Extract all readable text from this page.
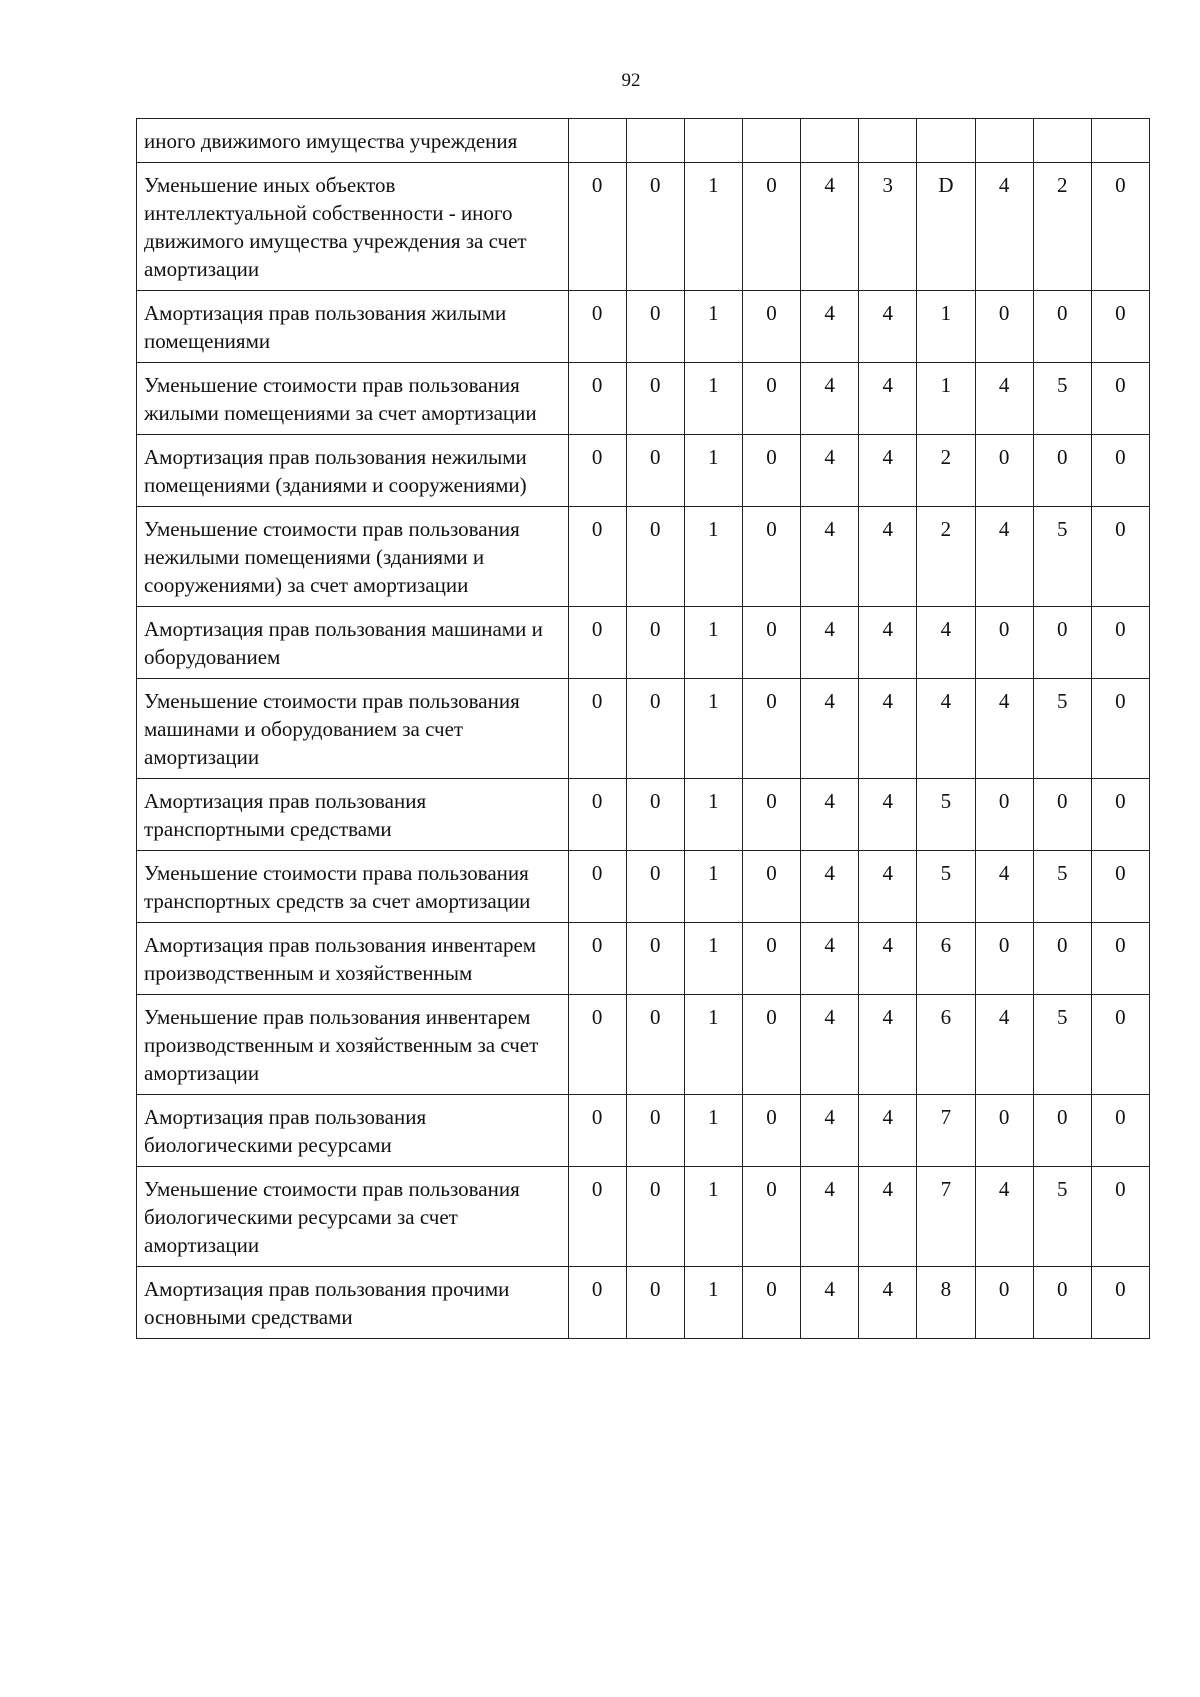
92
иного движимого имущества учреждения										
Уменьшение иных объектов интеллектуальной собственности - иного движимого имущества учреждения за счет амортизации	0	0	1	0	4	3	D	4	2	0
Амортизация прав пользования жилыми помещениями	0	0	1	0	4	4	1	0	0	0
Уменьшение стоимости прав пользования жилыми помещениями за счет амортизации	0	0	1	0	4	4	1	4	5	0
Амортизация прав пользования нежилыми помещениями (зданиями и сооружениями)	0	0	1	0	4	4	2	0	0	0
Уменьшение стоимости прав пользования нежилыми помещениями (зданиями и сооружениями) за счет амортизации	0	0	1	0	4	4	2	4	5	0
Амортизация прав пользования машинами и оборудованием	0	0	1	0	4	4	4	0	0	0
Уменьшение стоимости прав пользования машинами и оборудованием за счет амортизации	0	0	1	0	4	4	4	4	5	0
Амортизация прав пользования транспортными средствами	0	0	1	0	4	4	5	0	0	0
Уменьшение стоимости права пользования транспортных средств за счет амортизации	0	0	1	0	4	4	5	4	5	0
Амортизация прав пользования инвентарем производственным и хозяйственным	0	0	1	0	4	4	6	0	0	0
Уменьшение прав пользования инвентарем производственным и хозяйственным за счет амортизации	0	0	1	0	4	4	6	4	5	0
Амортизация прав пользования биологическими ресурсами	0	0	1	0	4	4	7	0	0	0
Уменьшение стоимости прав пользования биологическими ресурсами за счет амортизации	0	0	1	0	4	4	7	4	5	0
Амортизация прав пользования прочими основными средствами	0	0	1	0	4	4	8	0	0	0
